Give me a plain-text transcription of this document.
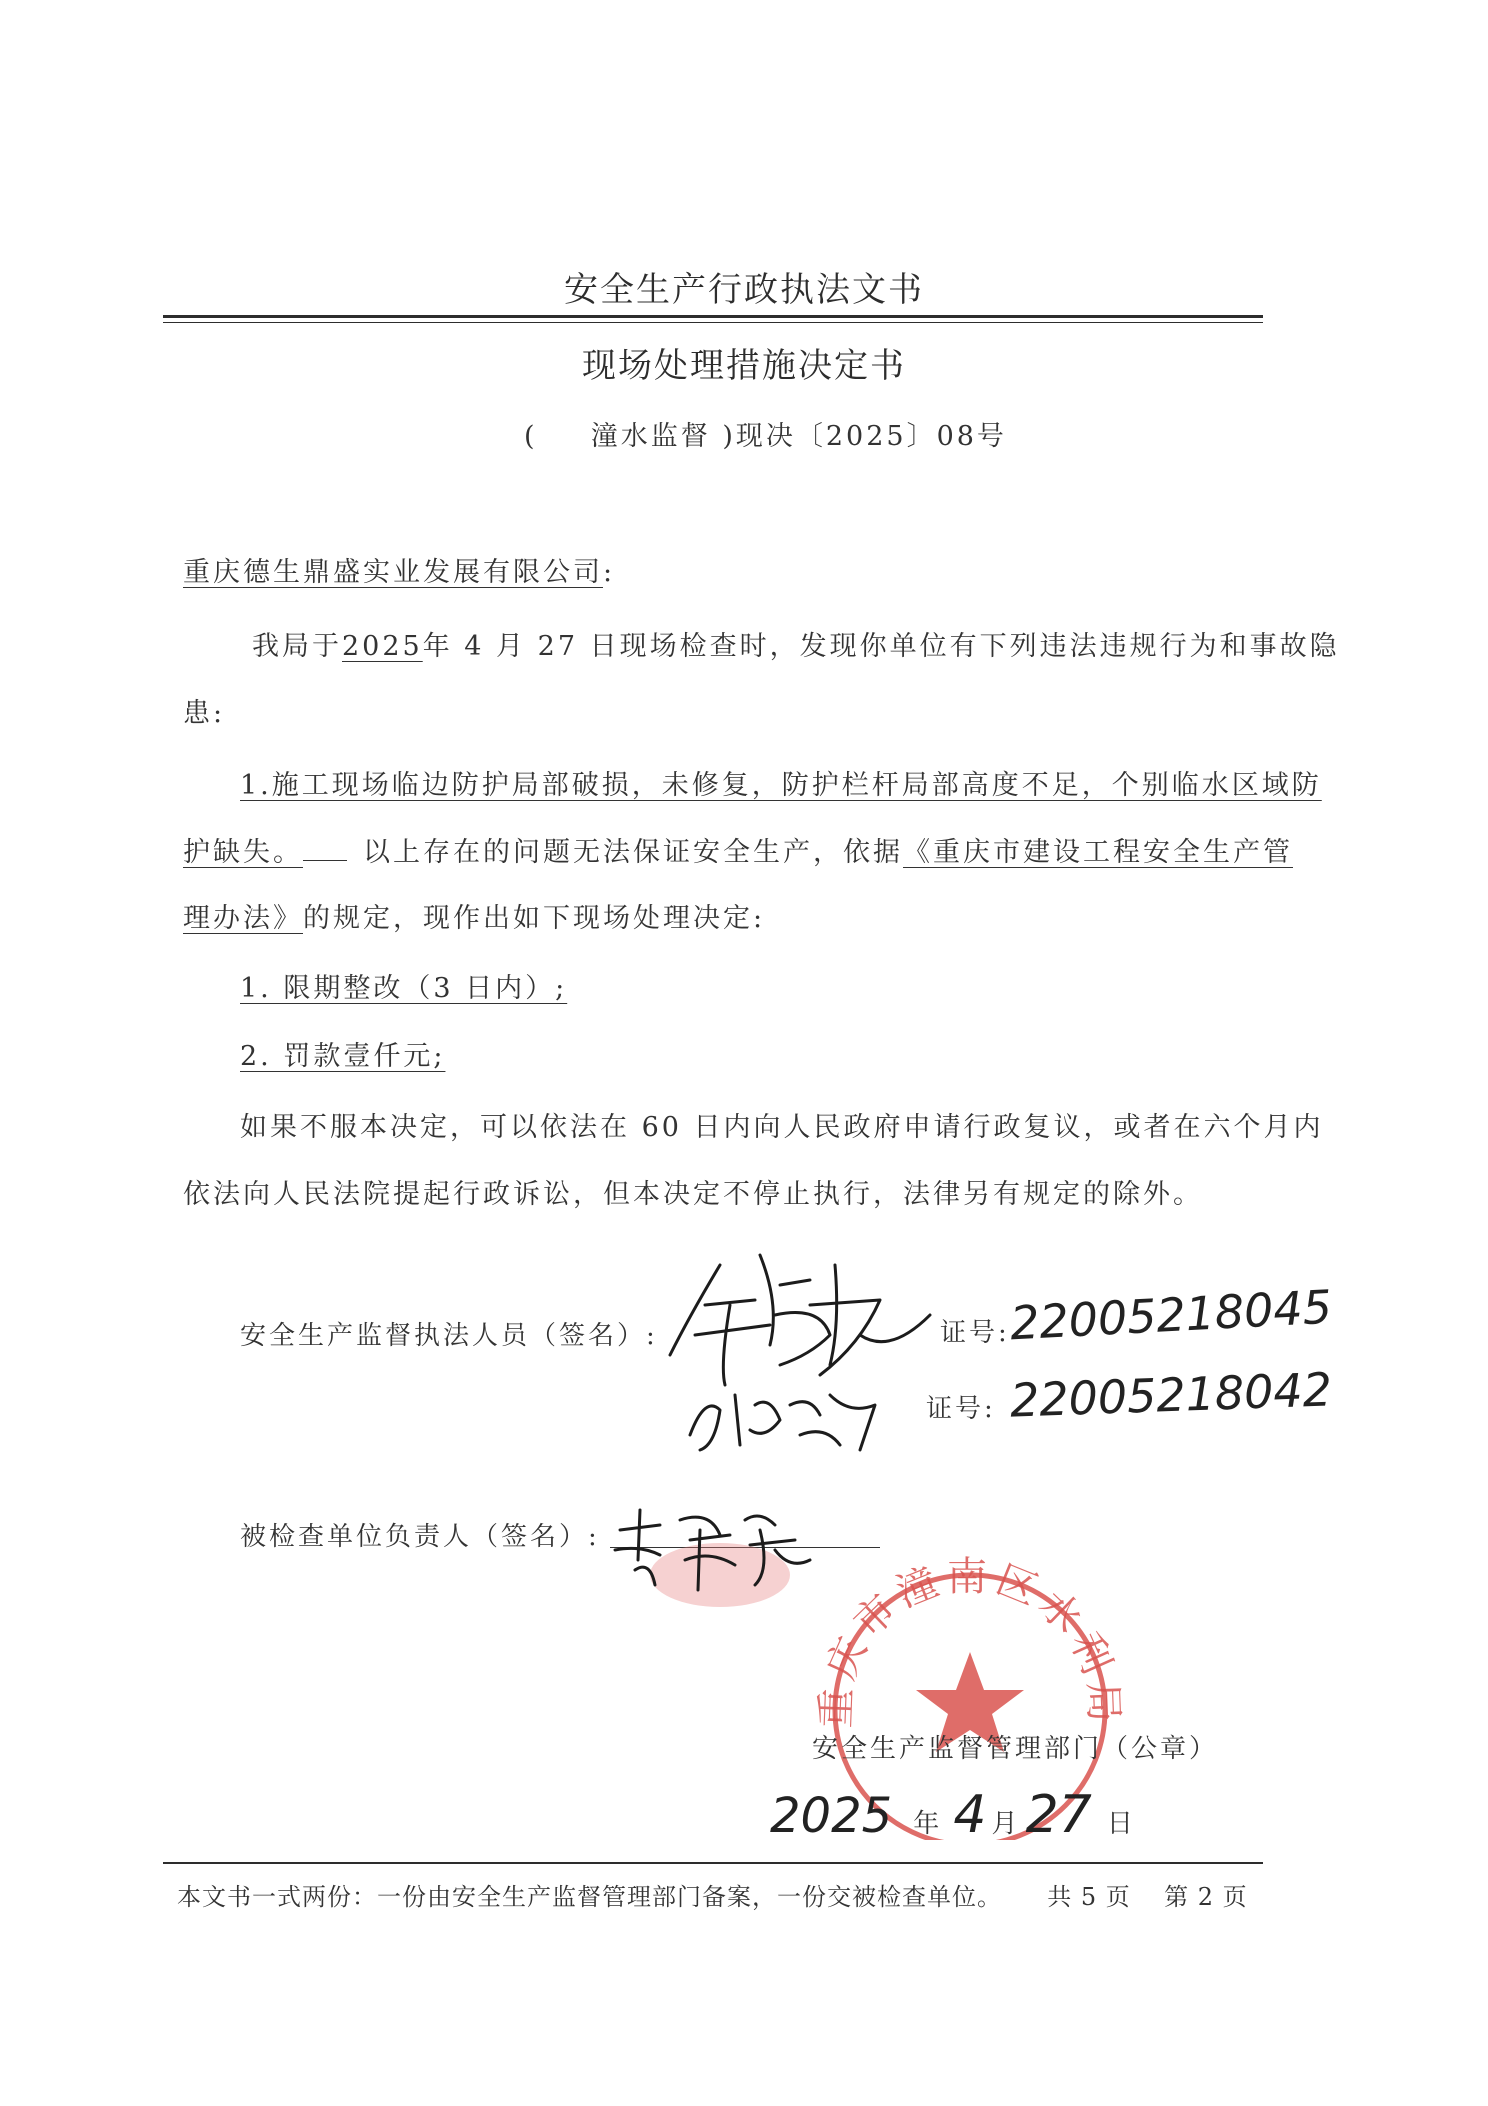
安全生产行政执法文书
现场处理措施决定书
( 潼水监督 )现决〔2025〕08号
重庆德生鼎盛实业发展有限公司:
我局于2025年 4 月 27 日现场检查时，发现你单位有下列违法违规行为和事故隐
患:
1.施工现场临边防护局部破损，未修复，防护栏杆局部高度不足，个别临水区域防
护缺失。 以上存在的问题无法保证安全生产，依据《重庆市建设工程安全生产管
理办法》的规定，现作出如下现场处理决定:
1. 限期整改（3 日内）;
2. 罚款壹仟元;
如果不服本决定，可以依法在 60 日内向人民政府申请行政复议，或者在六个月内
依法向人民法院提起行政诉讼，但本决定不停止执行，法律另有规定的除外。
安全生产监督执法人员（签名）:	证号: 22005218045
证号: 22005218042
被检查单位负责人（签名）:
重庆市潼南区水利局
安全生产监督管理部门（公章）
2025 年 4 月 27 日
本文书一式两份：一份由安全生产监督管理部门备案，一份交被检查单位。 共 5 页 第 2 页
